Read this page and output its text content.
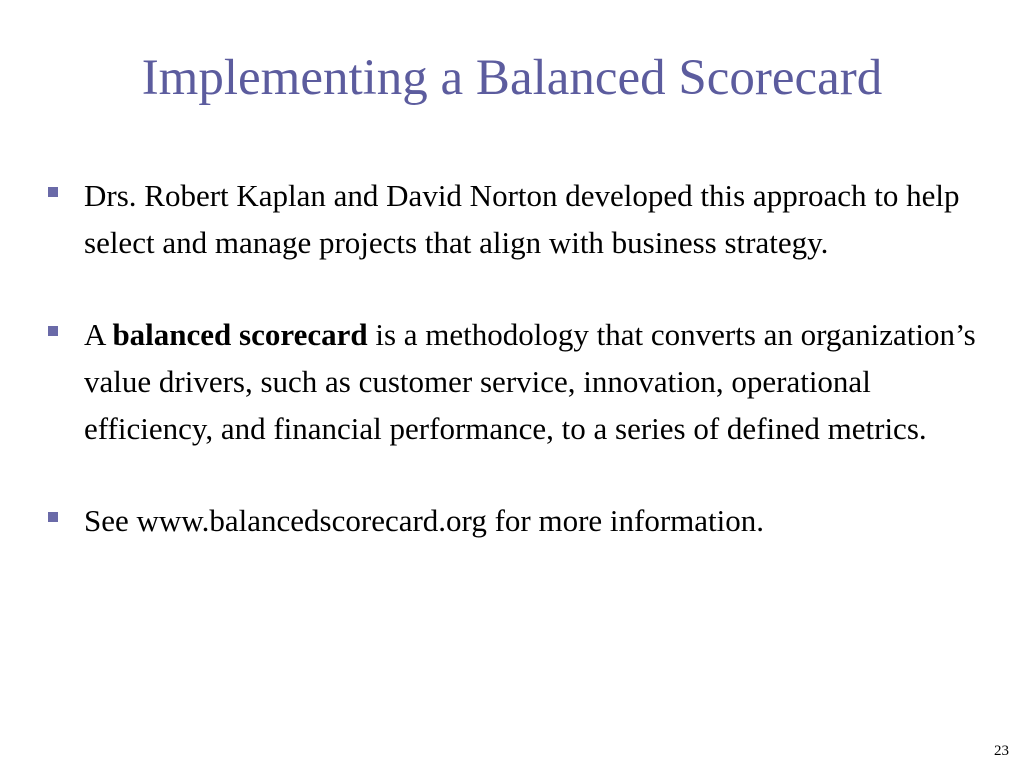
Implementing a Balanced Scorecard
Drs. Robert Kaplan and David Norton developed this approach to help select and manage projects that align with business strategy.
A balanced scorecard is a methodology that converts an organization’s value drivers, such as customer service, innovation, operational efficiency, and financial performance, to a series of defined metrics.
See www.balancedscorecard.org for more information.
23
